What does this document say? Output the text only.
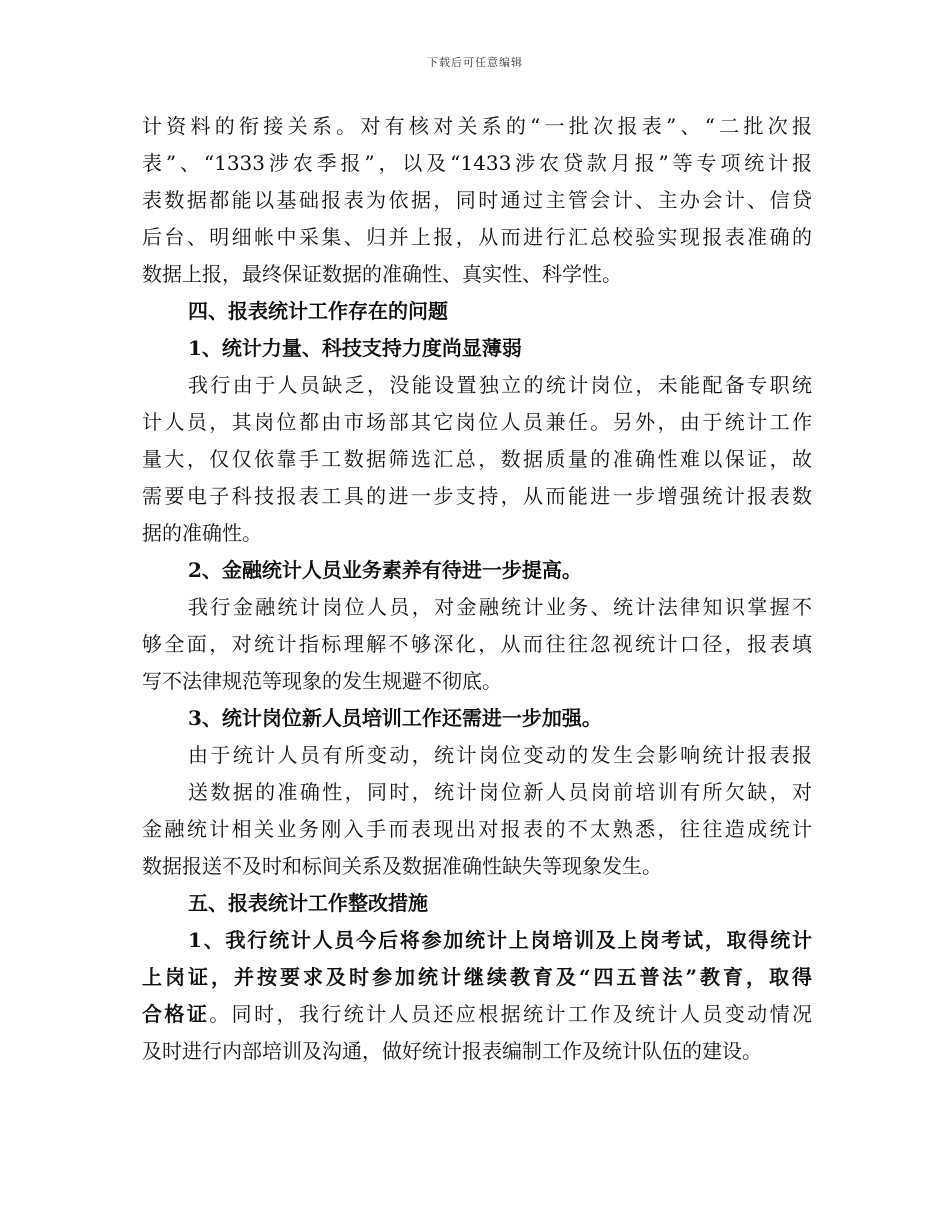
下载后可任意编辑
计资料的衔接关系。对有核对关系的“一批次报表”、“二批次报
表”、“1333涉农季报”，以及“1433涉农贷款月报”等专项统计报
表数据都能以基础报表为依据，同时通过主管会计、主办会计、信贷
后台、明细帐中采集、归并上报，从而进行汇总校验实现报表准确的
数据上报，最终保证数据的准确性、真实性、科学性。
四、报表统计工作存在的问题
1、统计力量、科技支持力度尚显薄弱
我行由于人员缺乏，没能设置独立的统计岗位，未能配备专职统
计人员，其岗位都由市场部其它岗位人员兼任。另外，由于统计工作
量大，仅仅依靠手工数据筛选汇总，数据质量的准确性难以保证，故
需要电子科技报表工具的进一步支持，从而能进一步增强统计报表数
据的准确性。
2、金融统计人员业务素养有待进一步提高。
我行金融统计岗位人员，对金融统计业务、统计法律知识掌握不
够全面，对统计指标理解不够深化，从而往往忽视统计口径，报表填
写不法律规范等现象的发生规避不彻底。
3、统计岗位新人员培训工作还需进一步加强。
由于统计人员有所变动，统计岗位变动的发生会影响统计报表报
送数据的准确性，同时，统计岗位新人员岗前培训有所欠缺，对
金融统计相关业务刚入手而表现出对报表的不太熟悉，往往造成统计
数据报送不及时和标间关系及数据准确性缺失等现象发生。
五、报表统计工作整改措施
1、我行统计人员今后将参加统计上岗培训及上岗考试，取得统计
上岗证，并按要求及时参加统计继续教育及“四五普法”教育，取得
合格证。同时，我行统计人员还应根据统计工作及统计人员变动情况
及时进行内部培训及沟通，做好统计报表编制工作及统计队伍的建设。
